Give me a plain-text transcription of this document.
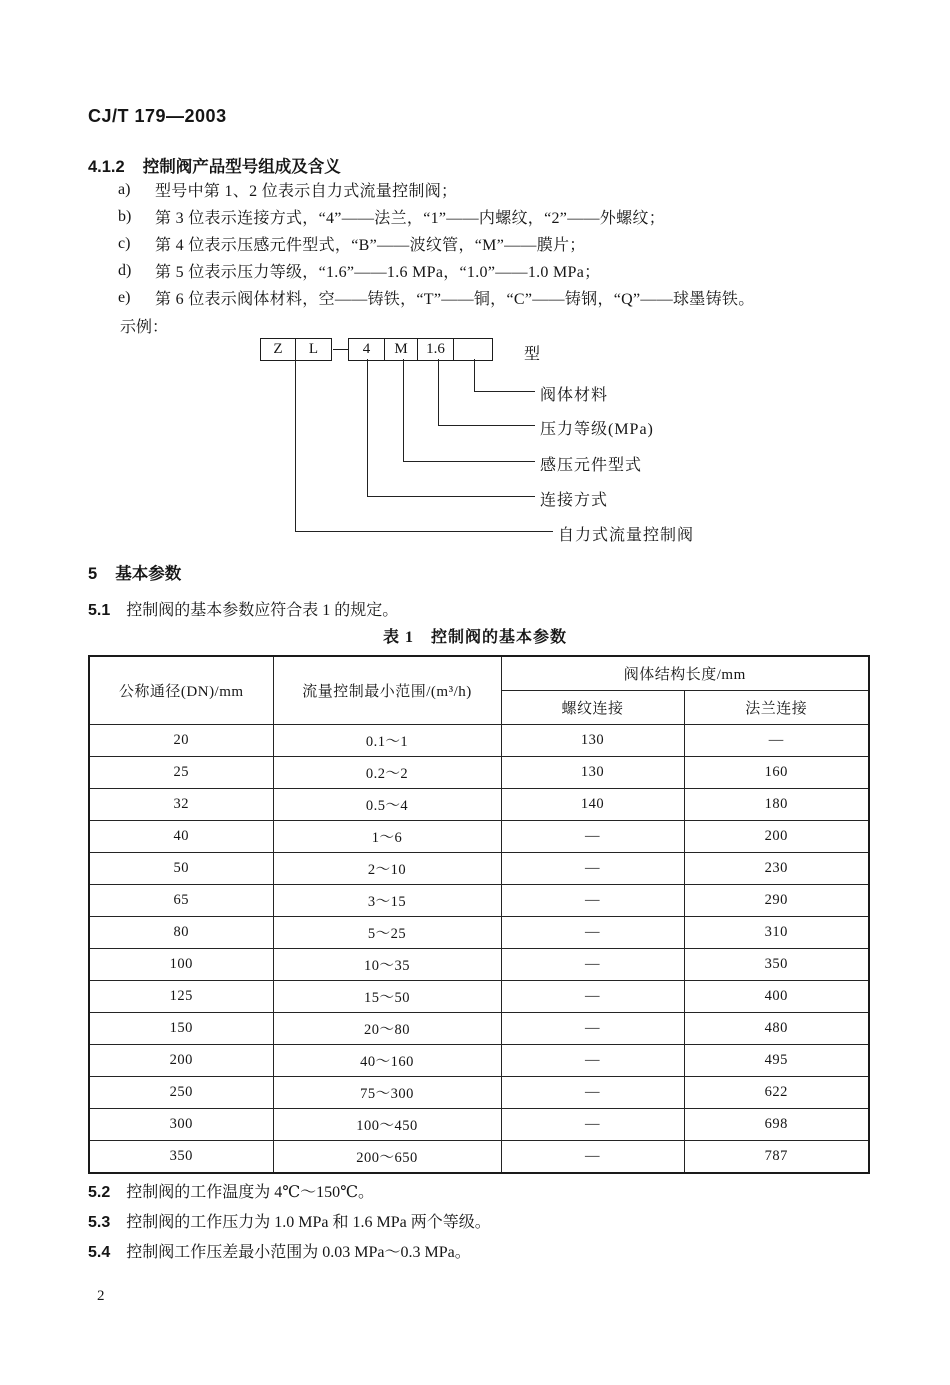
CJ/T 179—2003
4.1.2 控制阀产品型号组成及含义
a)	型号中第 1、2 位表示自力式流量控制阀；
b)	第 3 位表示连接方式，“4”——法兰，“1”——内螺纹，“2”——外螺纹；
c)	第 4 位表示压感元件型式，“B”——波纹管，“M”——膜片；
d)	第 5 位表示压力等级，“1.6”——1.6 MPa，“1.0”——1.0 MPa；
e)	第 6 位表示阀体材料，空——铸铁，“T”——铜，“C”——铸钢，“Q”——球墨铸铁。
示例：
Z	L	4	M	1.6	型
阀体材料
压力等级(MPa)
感压元件型式
连接方式
自力式流量控制阀
5 基本参数
5.1 控制阀的基本参数应符合表 1 的规定。
表 1　控制阀的基本参数
公称通径(DN)/mm	流量控制最小范围/(m³/h)	阀体结构长度/mm	
		螺纹连接	法兰连接
20	0.1～1	130	—
25	0.2～2	130	160
32	0.5～4	140	180
40	1～6	—	200
50	2～10	—	230
65	3～15	—	290
80	5～25	—	310
100	10～35	—	350
125	15～50	—	400
150	20～80	—	480
200	40～160	—	495
250	75～300	—	622
300	100～450	—	698
350	200～650	—	787
5.2 控制阀的工作温度为 4℃～150℃。
5.3 控制阀的工作压力为 1.0 MPa 和 1.6 MPa 两个等级。
5.4 控制阀工作压差最小范围为 0.03 MPa～0.3 MPa。
2
